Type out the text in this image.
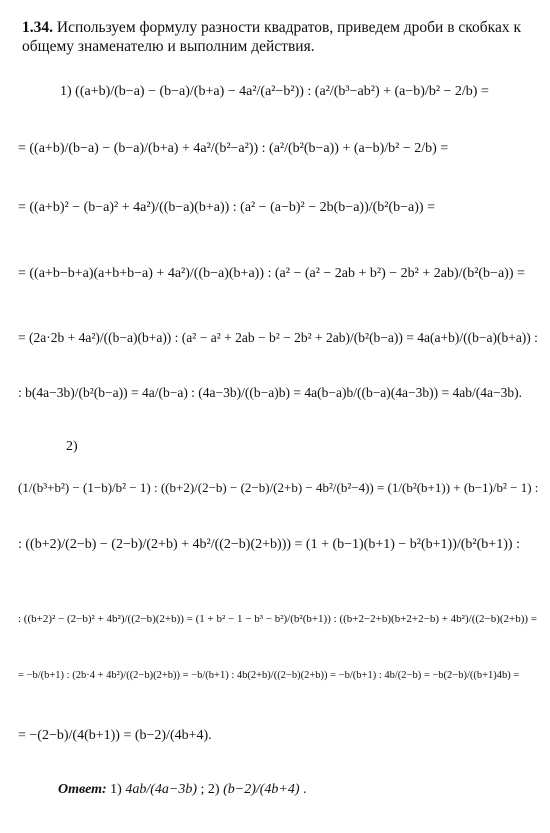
1.34. Используем формулу разности квадратов, приведем дроби в скобках к общему знаменателю и выполним действия.
1) ((a+b)/(b−a) − (b−a)/(b+a) − 4a²/(a²−b²)) : (a²/(b³−ab²) + (a−b)/b² − 2/b) =
= ((a+b)/(b−a) − (b−a)/(b+a) + 4a²/(b²−a²)) : (a²/(b²(b−a)) + (a−b)/b² − 2/b) =
= ((a+b)² − (b−a)² + 4a²)/((b−a)(b+a)) : (a² − (a−b)² − 2b(b−a))/(b²(b−a)) =
= ((a+b−b+a)(a+b+b−a) + 4a²)/((b−a)(b+a)) : (a² − (a² − 2ab + b²) − 2b² + 2ab)/(b²(b−a)) =
= (2a·2b + 4a²)/((b−a)(b+a)) : (a² − a² + 2ab − b² − 2b² + 2ab)/(b²(b−a)) = 4a(a+b)/((b−a)(b+a)) :
: b(4a−3b)/(b²(b−a)) = 4a/(b−a) : (4a−3b)/((b−a)b) = 4a(b−a)b/((b−a)(4a−3b)) = 4ab/(4a−3b).
2)
(1/(b³+b²) − (1−b)/b² − 1) : ((b+2)/(2−b) − (2−b)/(2+b) − 4b²/(b²−4)) = (1/(b²(b+1)) + (b−1)/b² − 1) :
: ((b+2)/(2−b) − (2−b)/(2+b) + 4b²/((2−b)(2+b))) = (1 + (b−1)(b+1) − b²(b+1))/(b²(b+1)) :
: ((b+2)² − (2−b)² + 4b²)/((2−b)(2+b)) = (1 + b² − 1 − b³ − b²)/(b²(b+1)) : ((b+2−2+b)(b+2+2−b) + 4b²)/((2−b)(2+b)) =
= −b/(b+1) : (2b·4 + 4b²)/((2−b)(2+b)) = −b/(b+1) : 4b(2+b)/((2−b)(2+b)) = −b/(b+1) : 4b/(2−b) = −b(2−b)/((b+1)4b) =
= −(2−b)/(4(b+1)) = (b−2)/(4b+4).
Ответ: 1) 4ab/(4a−3b) ; 2) (b−2)/(4b+4) .
